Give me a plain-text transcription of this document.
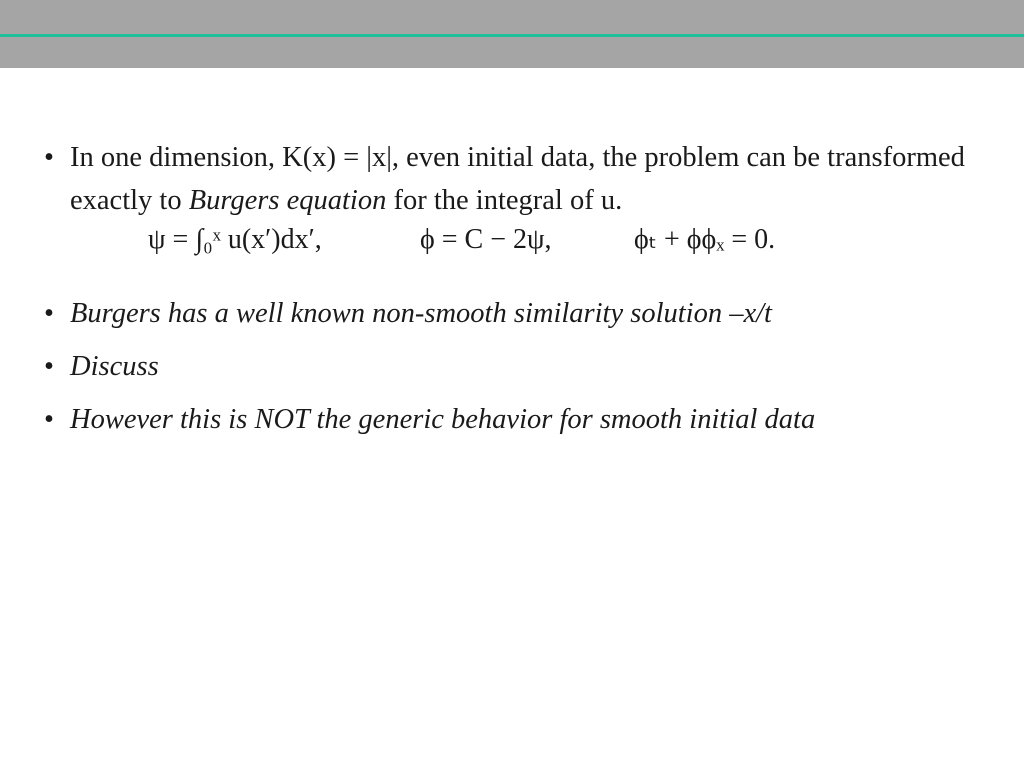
• In one dimension, K(x) = |x|, even initial data, the problem can be transformed exactly to Burgers equation for the integral of u.
ψ = ∫₀ˣ u(x′)dx′,	ϕ = C − 2ψ,	ϕₜ + ϕϕₓ = 0.
• Burgers has a well known non-smooth similarity solution –x/t
• Discuss
• However this is NOT the generic behavior for smooth initial data
